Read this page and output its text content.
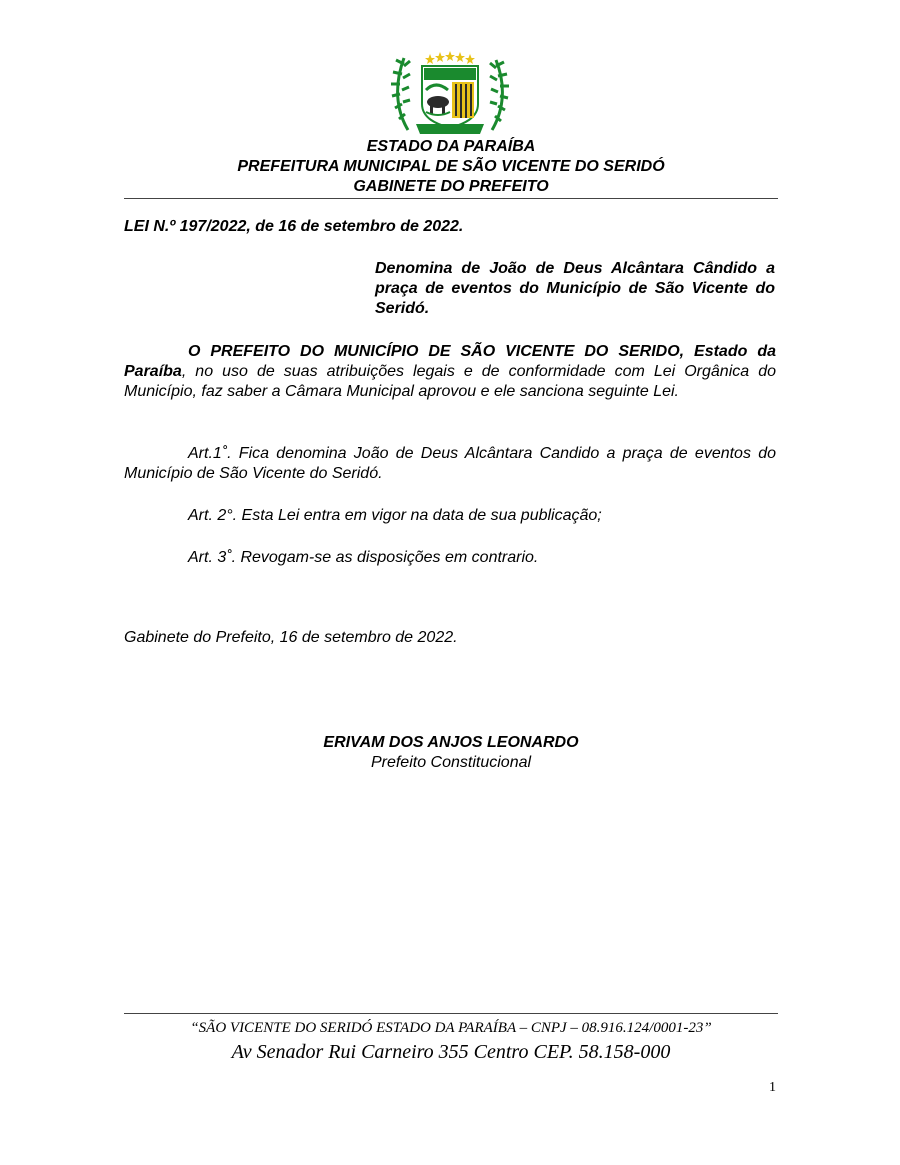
ESTADO DA PARAÍBA
PREFEITURA MUNICIPAL DE SÃO VICENTE DO SERIDÓ
GABINETE DO PREFEITO
LEI N.º 197/2022, de 16 de setembro de 2022.
Denomina de João de Deus Alcântara Cândido a praça de eventos do Município de São Vicente do Seridó.
O PREFEITO DO MUNICÍPIO DE SÃO VICENTE DO SERIDO, Estado da Paraíba, no uso de suas atribuições legais e de conformidade com Lei Orgânica do Município, faz saber a Câmara Municipal aprovou e ele sanciona seguinte Lei.
Art.1˚. Fica denomina João de Deus Alcântara Candido a praça de eventos do Município de São Vicente do Seridó.
Art. 2°. Esta Lei entra em vigor na data de sua publicação;
Art. 3˚. Revogam-se as disposições em contrario.
Gabinete do Prefeito, 16 de setembro de 2022.
ERIVAM DOS ANJOS LEONARDO
Prefeito Constitucional
“SÃO VICENTE DO SERIDÓ ESTADO DA PARAÍBA – CNPJ – 08.916.124/0001-23”
Av Senador Rui Carneiro 355 Centro CEP. 58.158-000
1
